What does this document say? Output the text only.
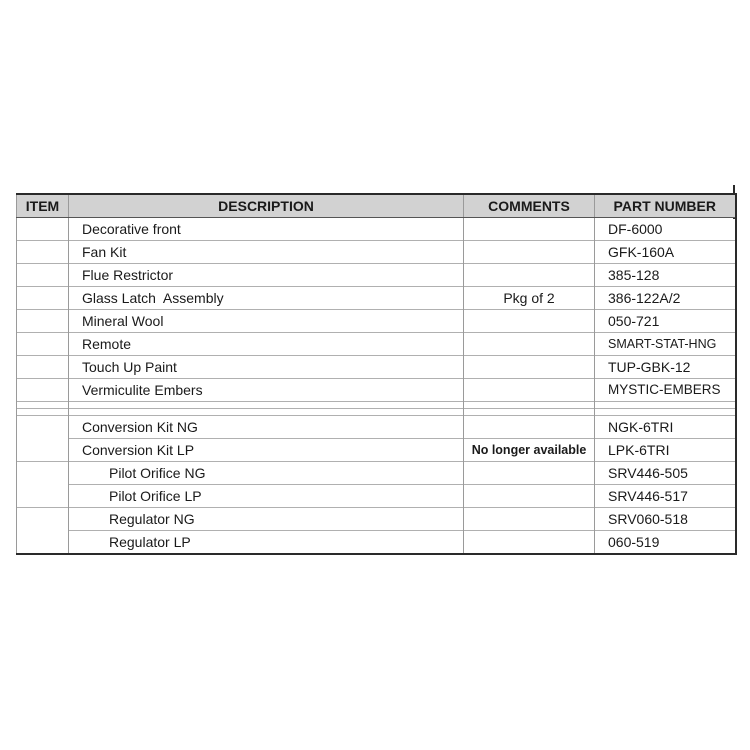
ITEM	DESCRIPTION	COMMENTS	PART NUMBER
	Decorative front		DF-6000
	Fan Kit		GFK-160A
	Flue Restrictor		385-128
	Glass Latch  Assembly	Pkg of 2	386-122A/2
	Mineral Wool		050-721
	Remote		SMART-STAT-HNG
	Touch Up Paint		TUP-GBK-12
	Vermiculite Embers		MYSTIC-EMBERS

	Conversion Kit NG		NGK-6TRI
	Conversion Kit LP	No longer available	LPK-6TRI
	Pilot Orifice NG		SRV446-505
	Pilot Orifice LP		SRV446-517
	Regulator NG		SRV060-518
	Regulator LP		060-519
